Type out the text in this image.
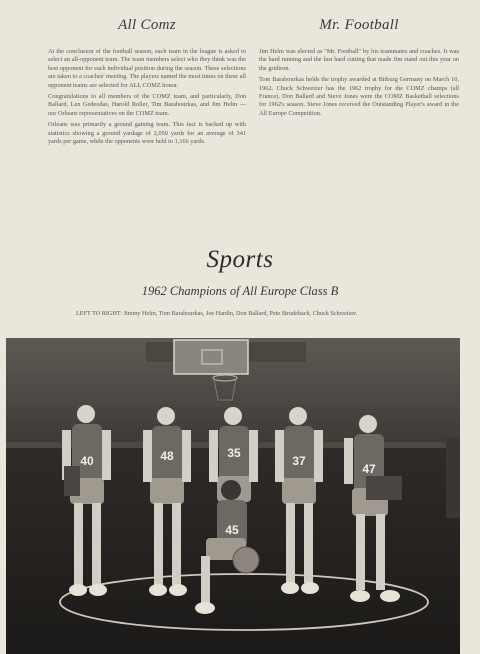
All Comz

At the conclusion of the football season, each team in the league is asked to select an all-opponent team. The team members select who they think was the best opponent for each individual position during the season. These selections are taken to a coaches' meeting. The players named the most times on these all opponent teams are selected for ALL COMZ honor.

Congratulations to all members of the COMZ team, and particularly, Don Ballard, Len Gedeodas, Harold Roller, Tim Barabourkas, and Jim Helm — our Orleans representatives on the COMZ team.

Orleans was primarily a ground gaining team. This fact is backed up with statistics showing a ground yardage of 2,050 yards for an average of 341 yards per game, while the opponents were held to 1,166 yards.

Mr. Football

Jim Helm was elected as "Mr. Football" by his teammates and coaches. It was the hard running and the fast hard cutting that made Jim stand out this year on the gridiron.

Tom Barabourkas holds the trophy awarded at Bitburg Germany on March 10, 1962. Chuck Schweizer has the 1962 trophy for the COMZ champs (all France). Don Ballard and Steve Jones were the COMZ Basketball selections for 1962's season. Steve Jones received the Outstanding Player's award in the All Europe Competition.

Sports
1962 Champions of All Europe Class B
LEFT TO RIGHT: Jimmy Helm, Tom Barabourkas, Joe Hardin, Don Ballard, Pete Strudeback, Chuck Schweizer.
40	48	35
45
37
47
